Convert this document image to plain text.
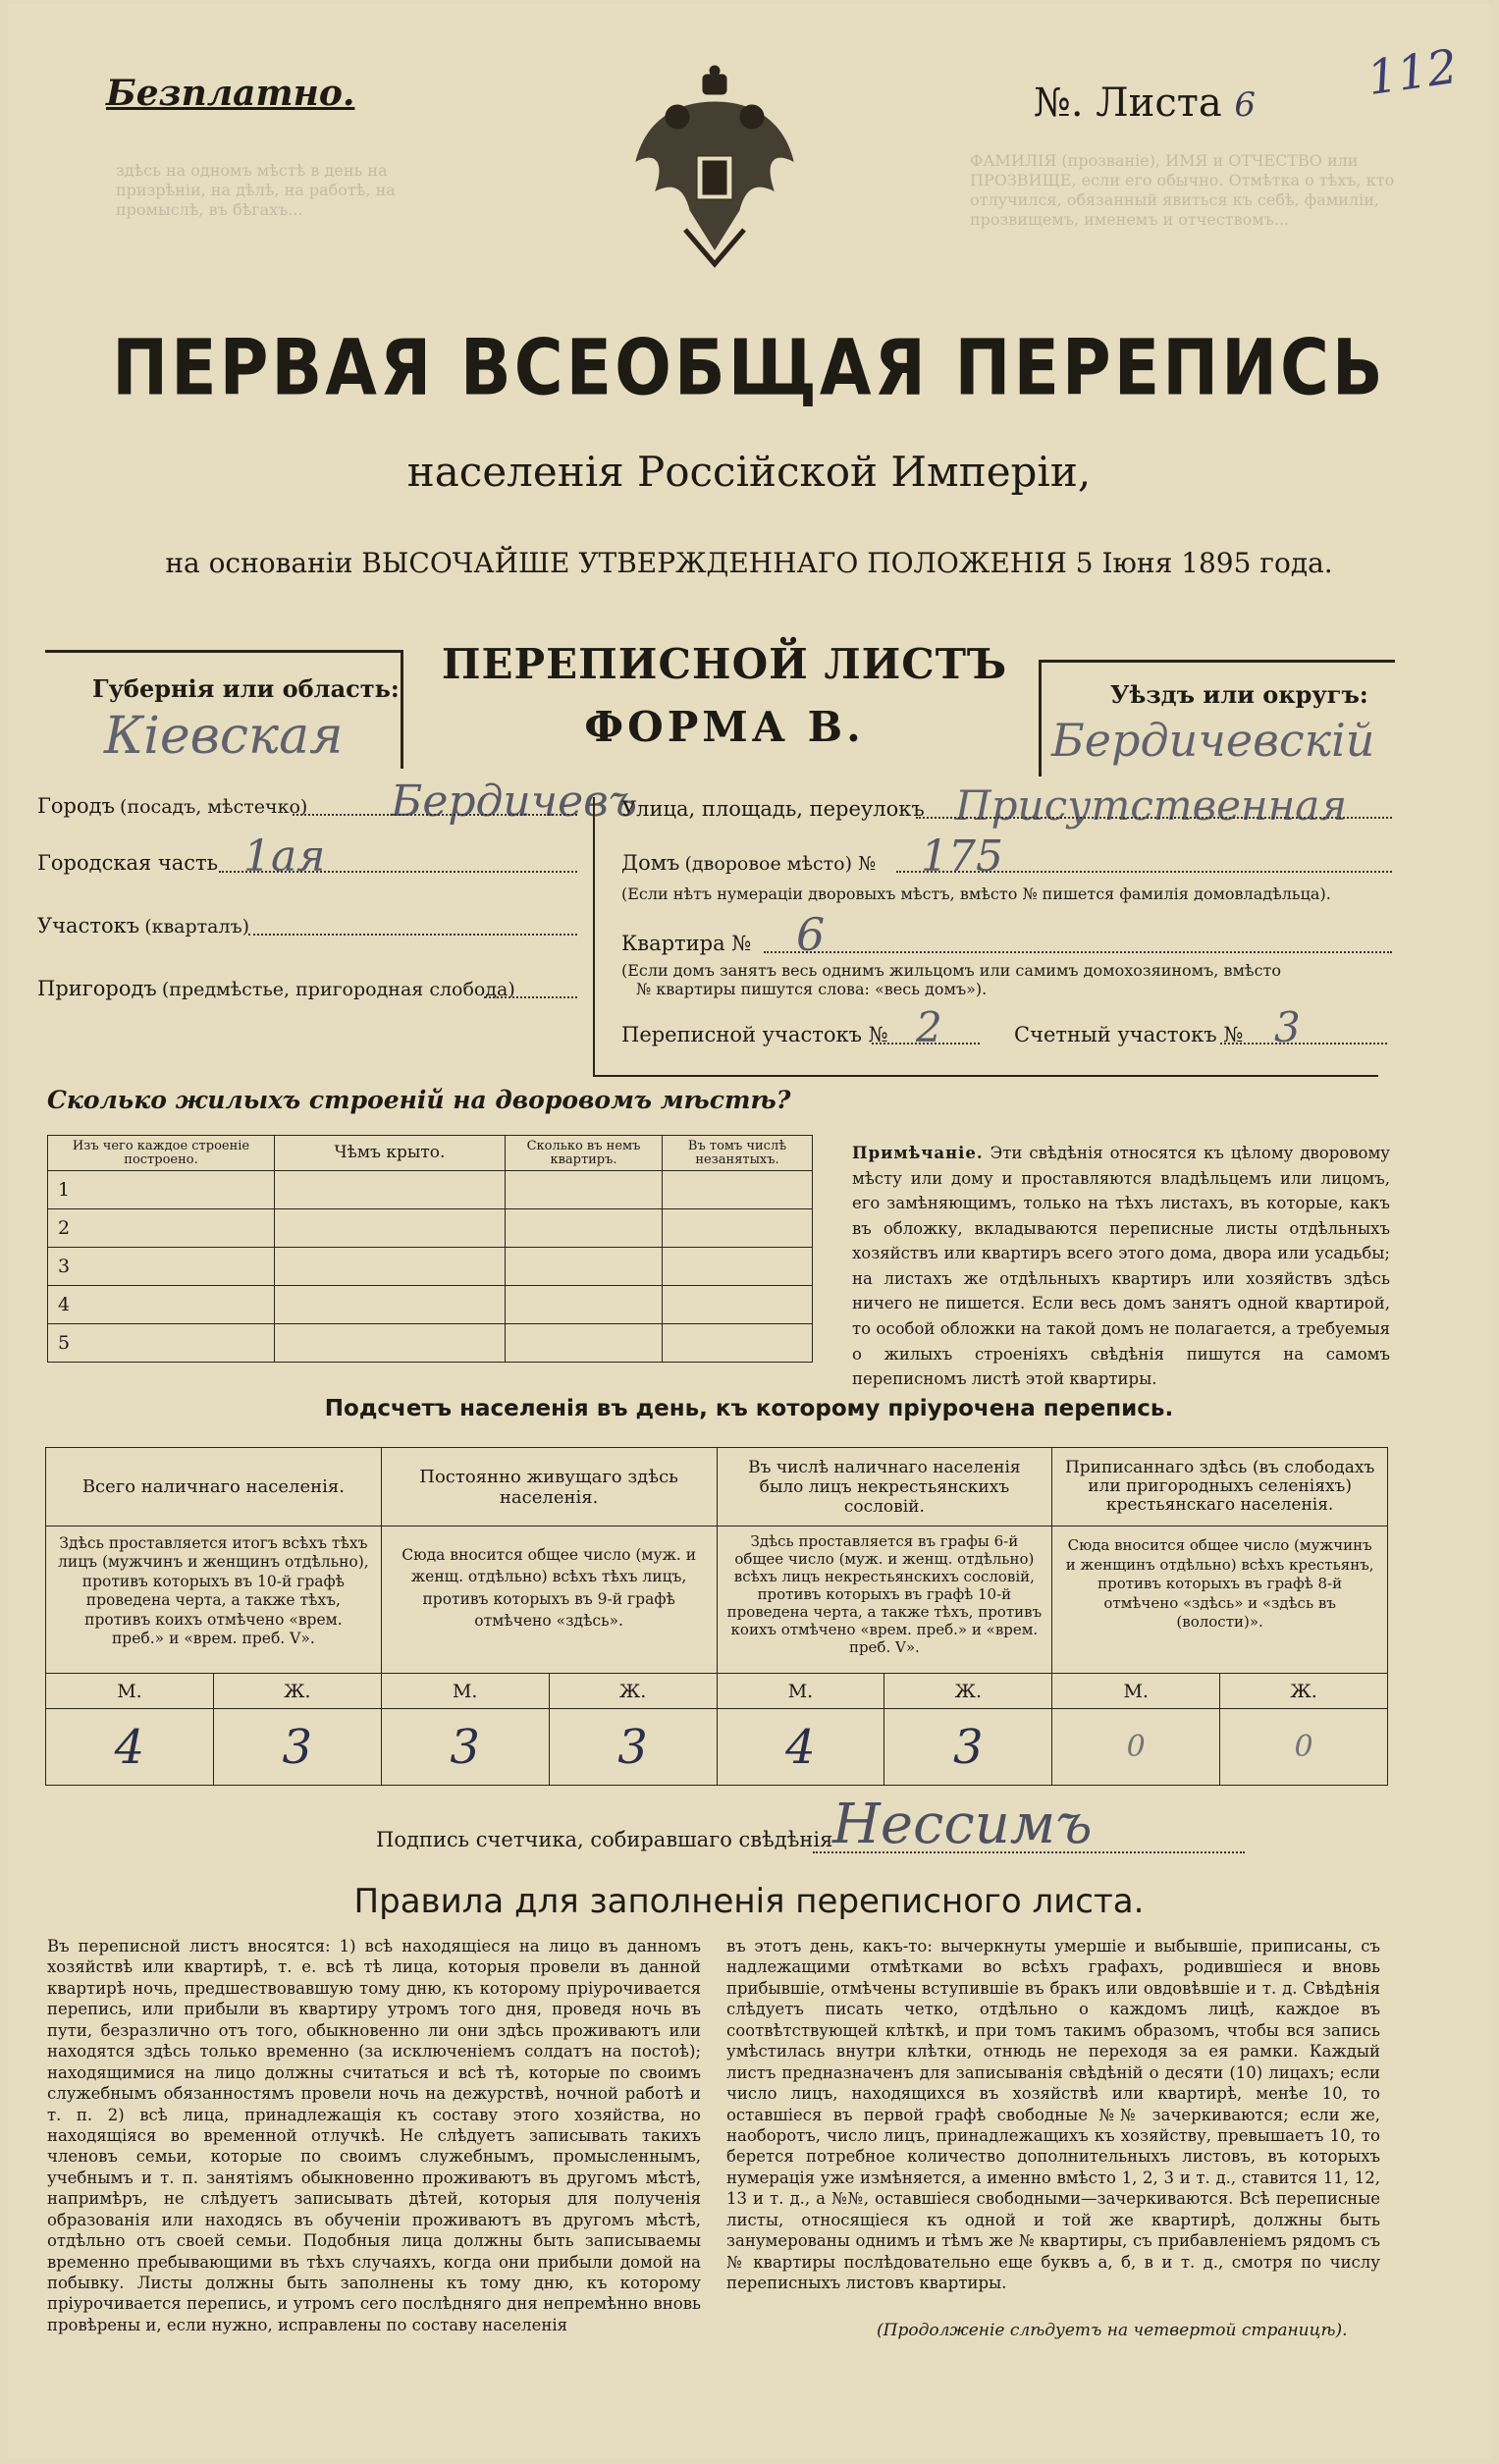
ФАМИЛІЯ (прозваніе), ИМЯ и ОТЧЕСТВО или ПРОЗВИЩЕ, если его обычно. Отмѣтка о тѣхъ, кто отлучился, обязанный явиться къ себѣ, фамиліи, прозвищемъ, именемъ и отчествомъ...
здѣсь на одномъ мѣстѣ в день на призрѣніи, на дѣлѣ, на работѣ, на промыслѣ, въ бѣгахъ...
Безплатно.	№. Листа 6 112
ПЕРВАЯ ВСЕОБЩАЯ ПЕРЕПИСЬ
населенія Россійской Имперіи,
на основаніи ВЫСОЧАЙШЕ УТВЕРЖДЕННАГО ПОЛОЖЕНІЯ 5 Іюня 1895 года.
Губернія или область:
Кіевская
ПЕРЕПИСНОЙ ЛИСТЪ
ФОРМА В.
Уѣздъ или округъ:
Бердичевскій
Городъ (посадъ, мѣстечко) Бердичевъ
Городская часть 1ая
Участокъ (кварталъ)
Пригородъ (предмѣстье, пригородная слобода)
Улица, площадь, переулокъ Присутственная
Домъ (дворовое мѣсто) № 175
(Если нѣтъ нумераціи дворовыхъ мѣстъ, вмѣсто № пишется фамилія домовладѣльца).
Квартира № 6
(Если домъ занятъ весь однимъ жильцомъ или самимъ домохозяиномъ, вмѣсто
№ квартиры пишутся слова: «весь домъ»).
Переписной участокъ № 2	Счетный участокъ № 3
Сколько жилыхъ строеній на дворовомъ мѣстѣ?
Изъ чего каждое строеніе построено.	Чѣмъ крыто.	Сколько въ немъ квартиръ.	Въ томъ числѣ незанятыхъ.
1			
2			
3			
4			
5			
Примѣчаніе. Эти свѣдѣнія относятся къ цѣлому дворовому мѣсту или дому и проставляются владѣльцемъ или лицомъ, его замѣняющимъ, только на тѣхъ листахъ, въ которые, какъ въ обложку, вкладываются переписные листы отдѣльныхъ хозяйствъ или квартиръ всего этого дома, двора или усадьбы; на листахъ же отдѣльныхъ квартиръ или хозяйствъ здѣсь ничего не пишется. Если весь домъ занятъ одной квартирой, то особой обложки на такой домъ не полагается, а требуемыя о жилыхъ строеніяхъ свѣдѣнія пишутся на самомъ переписномъ листѣ этой квартиры.
Подсчетъ населенія въ день, къ которому пріурочена перепись.
Всего наличнаго населенія.		Постоянно живущаго здѣсь населенія.		Въ числѣ наличнаго населенія было лицъ некрестьянскихъ сословій.		Приписаннаго здѣсь (въ слободахъ или пригородныхъ селеніяхъ) крестьянскаго населенія.	
Здѣсь проставляется итогъ всѣхъ тѣхъ лицъ (мужчинъ и женщинъ отдѣльно), противъ которыхъ въ 10-й графѣ проведена черта, а также тѣхъ, противъ коихъ отмѣчено «врем. преб.» и «врем. преб. V».		Сюда вносится общее число (муж. и женщ. отдѣльно) всѣхъ тѣхъ лицъ, противъ которыхъ въ 9-й графѣ отмѣчено «здѣсь».		Здѣсь проставляется въ графы 6-й общее число (муж. и женщ. отдѣльно) всѣхъ лицъ некрестьянскихъ сословій, противъ которыхъ въ графѣ 10-й проведена черта, а также тѣхъ, противъ коихъ отмѣчено «врем. преб.» и «врем. преб. V».		Сюда вносится общее число (мужчинъ и женщинъ отдѣльно) всѣхъ крестьянъ, противъ которыхъ въ графѣ 8-й отмѣчено «здѣсь» и «здѣсь въ (волости)».	
М.	Ж.	М.	Ж.	М.	Ж.	М.	Ж.
4	3	3	3	4	3	0	0
Подпись счетчика, собиравшаго свѣдѣнія Нессимъ
Правила для заполненія переписного листа.
Въ переписной листъ вносятся: 1) всѣ находящіеся на лицо въ данномъ хозяйствѣ или квартирѣ, т. е. всѣ тѣ лица, которыя провели въ данной квартирѣ ночь, предшествовавшую тому дню, къ которому пріурочивается перепись, или прибыли въ квартиру утромъ того дня, проведя ночь въ пути, безразлично отъ того, обыкновенно ли они здѣсь проживаютъ или находятся здѣсь только временно (за исключеніемъ солдатъ на постоѣ); находящимися на лицо должны считаться и всѣ тѣ, которые по своимъ служебнымъ обязанностямъ провели ночь на дежурствѣ, ночной работѣ и т. п. 2) всѣ лица, принадлежащія къ составу этого хозяйства, но находящіяся во временной отлучкѣ. Не слѣдуетъ записывать такихъ членовъ семьи, которые по своимъ служебнымъ, промысленнымъ, учебнымъ и т. п. занятіямъ обыкновенно проживаютъ въ другомъ мѣстѣ, напримѣръ, не слѣдуетъ записывать дѣтей, которыя для полученія образованія или находясь въ обученіи проживаютъ въ другомъ мѣстѣ, отдѣльно отъ своей семьи. Подобныя лица должны быть записываемы временно пребывающими въ тѣхъ случаяхъ, когда они прибыли домой на побывку. Листы должны быть заполнены къ тому дню, къ которому пріурочивается перепись, и утромъ сего послѣдняго дня непремѣнно вновь провѣрены и, если нужно, исправлены по составу населенія
въ этотъ день, какъ-то: вычеркнуты умершіе и выбывшіе, приписаны, съ надлежащими отмѣтками во всѣхъ графахъ, родившіеся и вновь прибывшіе, отмѣчены вступившіе въ бракъ или овдовѣвшіе и т. д. Свѣдѣнія слѣдуетъ писать четко, отдѣльно о каждомъ лицѣ, каждое въ соотвѣтствующей клѣткѣ, и при томъ такимъ образомъ, чтобы вся запись умѣстилась внутри клѣтки, отнюдь не переходя за ея рамки. Каждый листъ предназначенъ для записыванія свѣдѣній о десяти (10) лицахъ; если число лицъ, находящихся въ хозяйствѣ или квартирѣ, менѣе 10, то оставшіеся въ первой графѣ свободные №№ зачеркиваются; если же, наоборотъ, число лицъ, принадлежащихъ къ хозяйству, превышаетъ 10, то берется потребное количество дополнительныхъ листовъ, въ которыхъ нумерація уже измѣняется, а именно вмѣсто 1, 2, 3 и т. д., ставится 11, 12, 13 и т. д., а №№, оставшіеся свободными—зачеркиваются. Всѣ переписные листы, относящіеся къ одной и той же квартирѣ, должны быть занумерованы однимъ и тѣмъ же № квартиры, съ прибавленіемъ рядомъ съ № квартиры послѣдовательно еще буквъ а, б, в и т. д., смотря по числу переписныхъ листовъ квартиры.
(Продолженіе слѣдуетъ на четвертой страницѣ).
